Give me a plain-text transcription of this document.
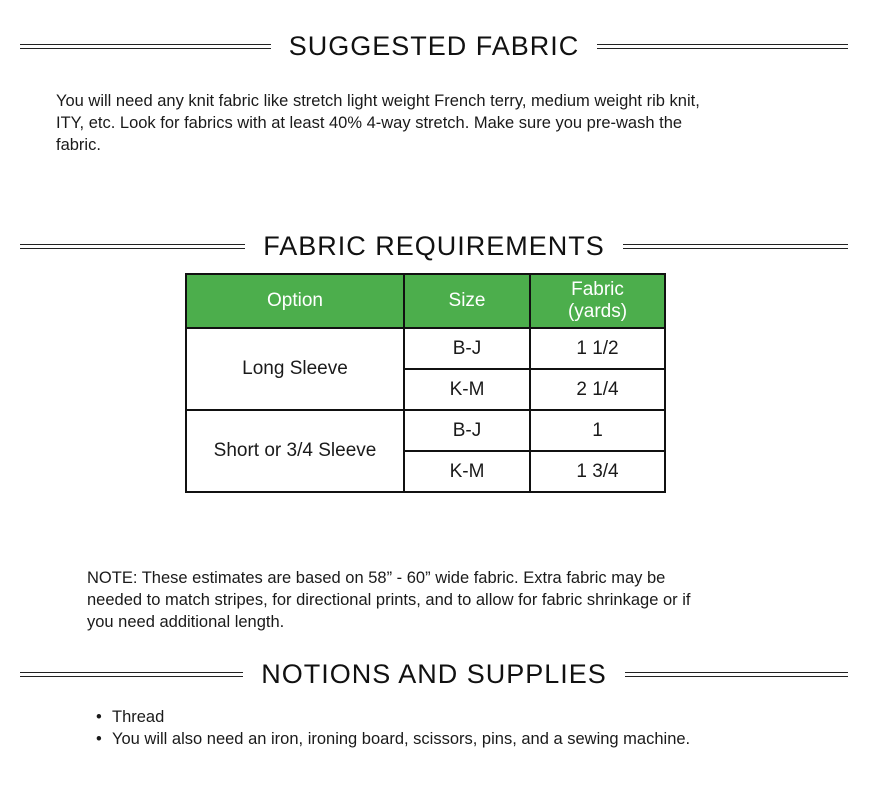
SUGGESTED FABRIC
You will need any knit fabric like stretch light weight French terry, medium weight rib knit,
ITY, etc. Look for fabrics with at least 40% 4-way stretch. Make sure you pre-wash the
fabric.
FABRIC REQUIREMENTS
Option	Size	Fabric
(yards)

Long Sleeve	B-J	1 1/2
	K-M	2 1/4
Short or 3/4 Sleeve	B-J	1
	K-M	1 3/4
NOTE: These estimates are based on 58” - 60” wide fabric. Extra fabric may be
needed to match stripes, for directional prints, and to allow for fabric shrinkage or if
you need additional length.
NOTIONS AND SUPPLIES
• Thread
• You will also need an iron, ironing board, scissors, pins, and a sewing machine.
